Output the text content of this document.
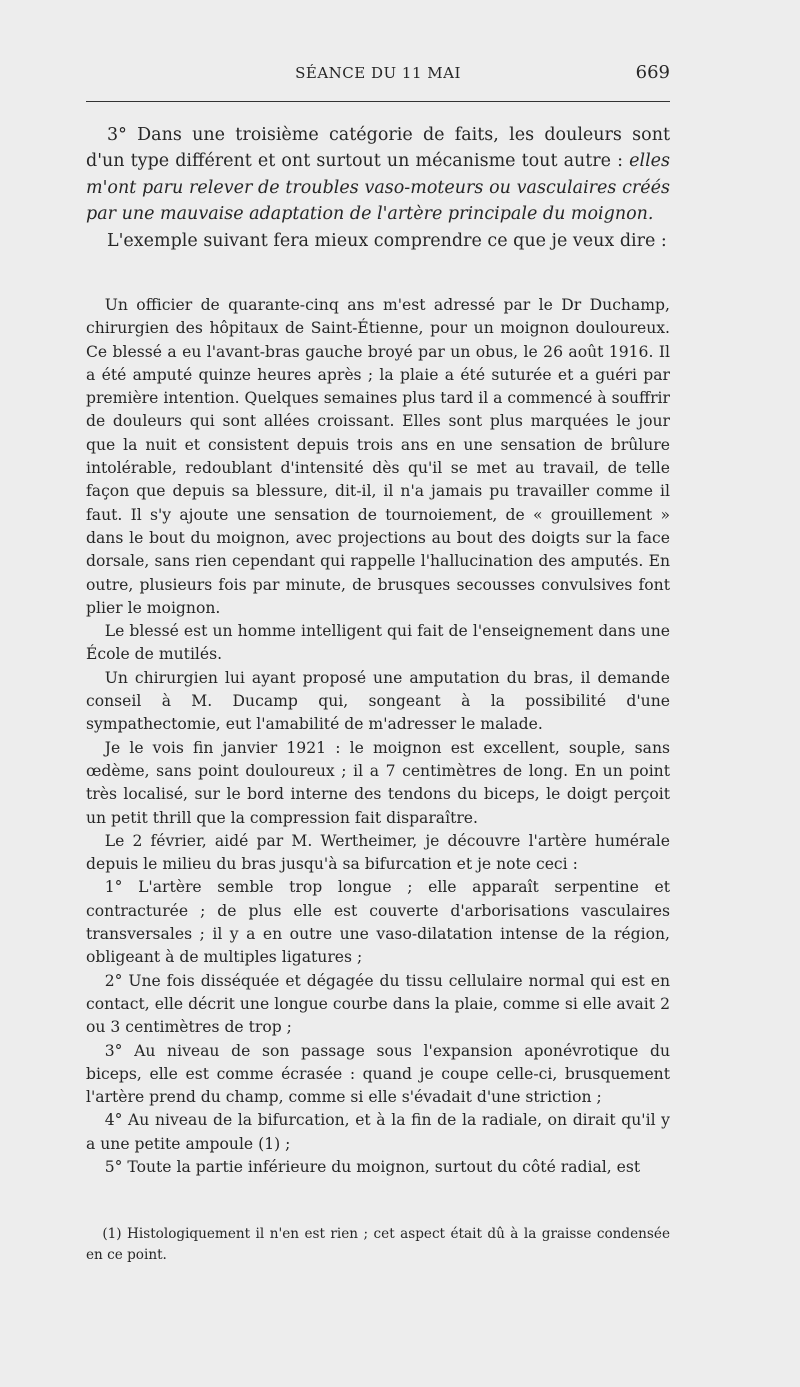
SÉANCE DU 11 MAI	669

3° Dans une troisième catégorie de faits, les douleurs sont d'un type différent et ont surtout un mécanisme tout autre : elles m'ont paru relever de troubles vaso-moteurs ou vasculaires créés par une mauvaise adaptation de l'artère principale du moignon.

L'exemple suivant fera mieux comprendre ce que je veux dire :

Un officier de quarante-cinq ans m'est adressé par le Dr Duchamp, chirurgien des hôpitaux de Saint-Étienne, pour un moignon douloureux. Ce blessé a eu l'avant-bras gauche broyé par un obus, le 26 août 1916. Il a été amputé quinze heures après ; la plaie a été suturée et a guéri par première intention. Quelques semaines plus tard il a commencé à souffrir de douleurs qui sont allées croissant. Elles sont plus marquées le jour que la nuit et consistent depuis trois ans en une sensation de brûlure intolérable, redoublant d'intensité dès qu'il se met au travail, de telle façon que depuis sa blessure, dit-il, il n'a jamais pu travailler comme il faut. Il s'y ajoute une sensation de tournoiement, de « grouillement » dans le bout du moignon, avec projections au bout des doigts sur la face dorsale, sans rien cependant qui rappelle l'hallucination des amputés. En outre, plusieurs fois par minute, de brusques secousses convulsives font plier le moignon.

Le blessé est un homme intelligent qui fait de l'enseignement dans une École de mutilés.

Un chirurgien lui ayant proposé une amputation du bras, il demande conseil à M. Ducamp qui, songeant à la possibilité d'une sympathectomie, eut l'amabilité de m'adresser le malade.

Je le vois fin janvier 1921 : le moignon est excellent, souple, sans œdème, sans point douloureux ; il a 7 centimètres de long. En un point très localisé, sur le bord interne des tendons du biceps, le doigt perçoit un petit thrill que la compression fait disparaître.

Le 2 février, aidé par M. Wertheimer, je découvre l'artère humérale depuis le milieu du bras jusqu'à sa bifurcation et je note ceci :

1° L'artère semble trop longue ; elle apparaît serpentine et contracturée ; de plus elle est couverte d'arborisations vasculaires transversales ; il y a en outre une vaso-dilatation intense de la région, obligeant à de multiples ligatures ;

2° Une fois disséquée et dégagée du tissu cellulaire normal qui est en contact, elle décrit une longue courbe dans la plaie, comme si elle avait 2 ou 3 centimètres de trop ;

3° Au niveau de son passage sous l'expansion aponévrotique du biceps, elle est comme écrasée : quand je coupe celle-ci, brusquement l'artère prend du champ, comme si elle s'évadait d'une striction ;

4° Au niveau de la bifurcation, et à la fin de la radiale, on dirait qu'il y a une petite ampoule (1) ;

5° Toute la partie inférieure du moignon, surtout du côté radial, est

(1) Histologiquement il n'en est rien ; cet aspect était dû à la graisse condensée en ce point.
